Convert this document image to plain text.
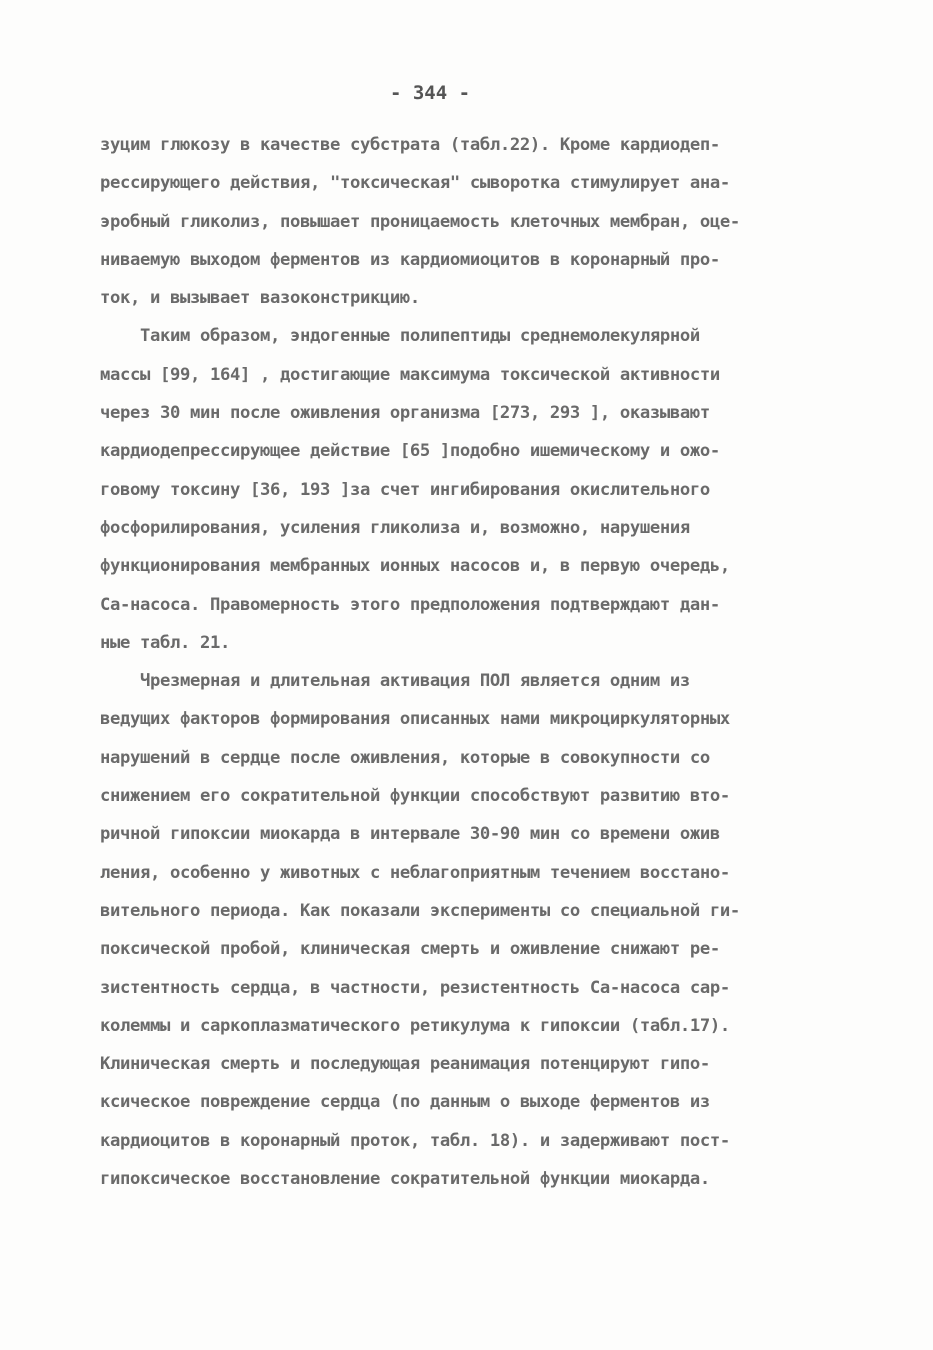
- 344 -
зуцим глюкозу в качестве субстрата (табл.22). Кроме кардиодеп-
рессирующего действия, "токсическая" сыворотка стимулирует ана-
эробный гликолиз, повышает проницаемость клеточных мембран, оце-
ниваемую выходом ферментов из кардиомиоцитов в коронарный про-
ток, и вызывает вазоконстрикцию.
Таким образом, эндогенные полипептиды среднемолекулярной
массы [99, 164] , достигающие максимума токсической активности
через 30 мин после оживления организма [273, 293 ], оказывают
кардиодепрессирующее действие [65 ]подобно ишемическому и ожо-
говому токсину [36, 193 ]за счет ингибирования окислительного
фосфорилирования, усиления гликолиза и, возможно, нарушения
функционирования мембранных ионных насосов и, в первую очередь,
Са-насоса. Правомерность этого предположения подтверждают дан-
ные табл. 21.
Чрезмерная и длительная активация ПОЛ является одним из
ведущих факторов формирования описанных нами микроциркуляторных
нарушений в сердце после оживления, которые в совокупности со
снижением его сократительной функции способствуют развитию вто-
ричной гипоксии миокарда в интервале 30-90 мин со времени ожив
ления, особенно у животных с неблагоприятным течением восстано-
вительного периода. Как показали эксперименты со специальной ги-
поксической пробой, клиническая смерть и оживление снижают ре-
зистентность сердца, в частности, резистентность Са-насоса сар-
колеммы и саркоплазматического ретикулума к гипоксии (табл.17).
Клиническая смерть и последующая реанимация потенцируют гипо-
ксическое повреждение сердца (по данным о выходе ферментов из
кардиоцитов в коронарный проток, табл. 18). и задерживают пост-
гипоксическое восстановление сократительной функции миокарда.
